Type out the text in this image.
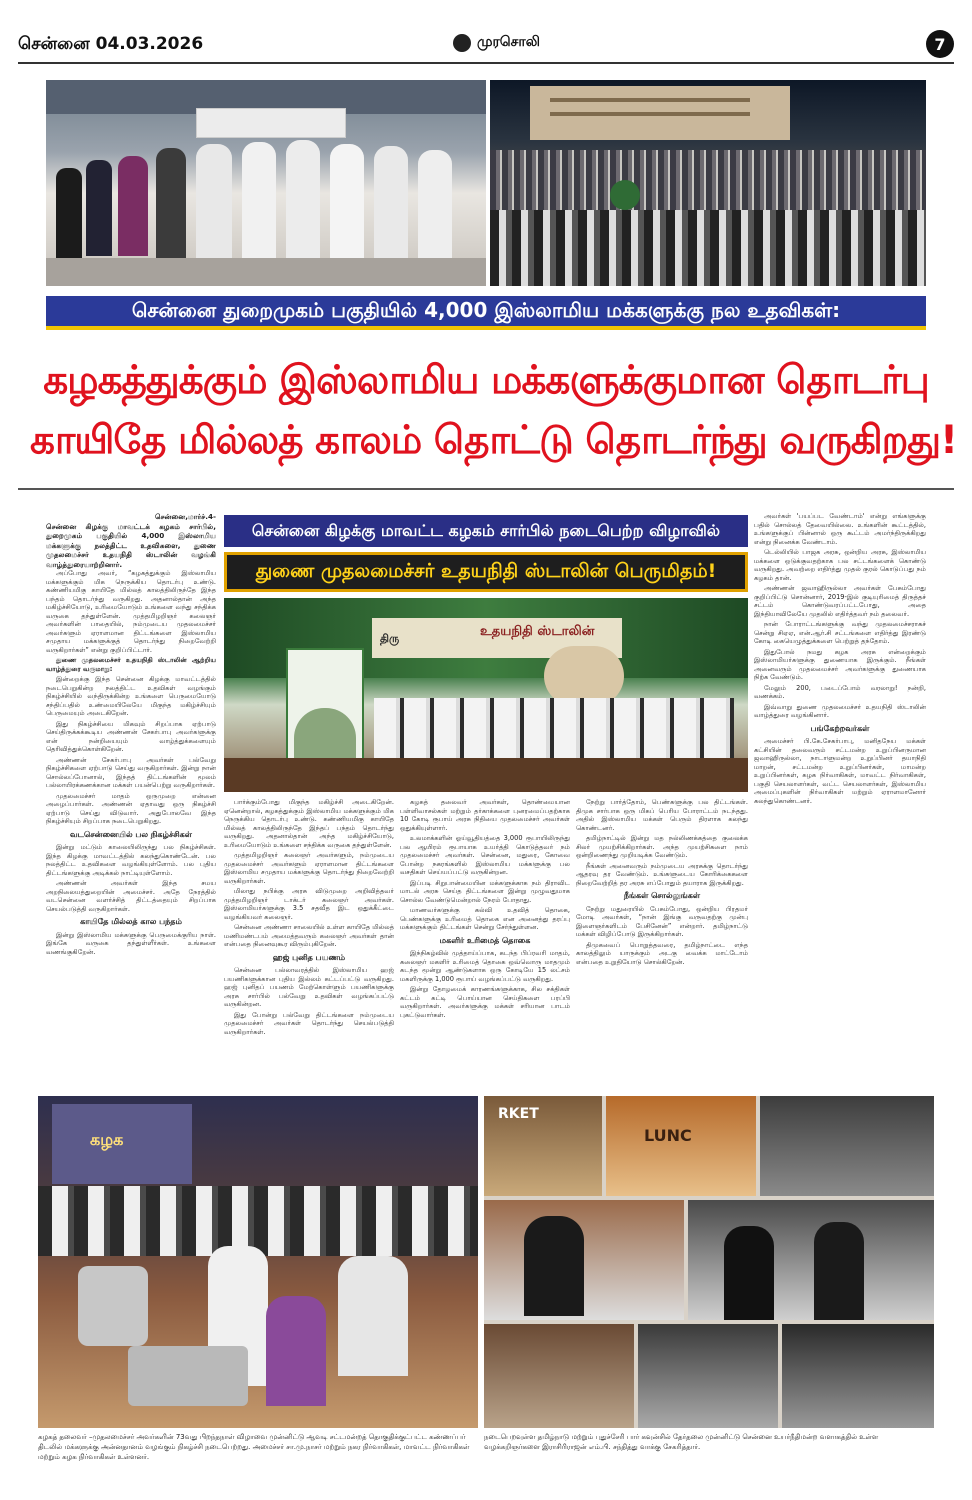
சென்னை 04.03.2026	முரசொலி	7
சென்னை துறைமுகம் பகுதியில் 4,000 இஸ்லாமிய மக்களுக்கு நல உதவிகள்:
கழகத்துக்கும் இஸ்லாமிய மக்களுக்குமான தொடர்பு
காயிதே மில்லத் காலம் தொட்டு தொடர்ந்து வருகிறது!
சென்னை,மார்ச்.4-
சென்னை கிழக்கு மாவட்டக் கழகம் சார்பில், துறைமுகம் பகுதியில் 4,000 இஸ்லாமிய மக்களுக்கு நலத்திட்ட உதவிகளை, துணை முதலமைச்சர் உதயநிதி ஸ்டாலின் வழங்கி வாழ்த்துரையாற்றினார்.

அப்போது அவர், “கழகத்துக்கும் இஸ்லாமிய மக்களுக்கும் மிக நெருக்கிய தொடர்பு உண்டு. கண்ணியமிகு காயிதே மில்லத் காலத்திலிருந்தே இந்த பந்தம் தொடர்ந்து வருகிறது. அதனால்தான் அந்த மகிழ்ச்சியோடு, உரிமையோடும் உங்களை வந்து சந்திக்க வருகை தந்துள்ளேன். முத்தமிழறிஞர் கலைஞர் அவர்களின் பாதையில், நம்முடைய முதலமைச்சர் அவர்களும் ஏராளமான திட்டங்களை இஸ்லாமிய சமுதாய மக்களுக்குத் தொடர்ந்து நிறைவேற்றி வருகிறார்கள்” என்று குறிப்பிட்டார்.

துணை முதலமைச்சர் உதயநிதி ஸ்டாலின் ஆற்றிய வாழ்த்துரை வருமாறு:

இன்றைக்கு இந்த சென்னை கிழக்கு மாவட்டத்தில் நடைபெறுகின்ற நலத்திட்ட உதவிகள் வழங்கும் நிகழ்ச்சியில் வந்திருக்கின்ற உங்களை பெருமையோடு சந்திப்பதில் உண்மையிலேயே மிகுந்த மகிழ்ச்சியும் பெருமையும் அடைகிறேன்.

இது நிகழ்ச்சியை மிகவும் சிறப்பாக ஏற்பாடு செய்திருக்கக்கூடிய அண்ணன் சேகர்பாபு அவர்களுக்கு என் நன்றியையும் வாழ்த்துக்களையும் தெரிவித்துக்கொள்கிறேன்.

அண்ணன் சேகர்பாபு அவர்கள் பல்வேறு நிகழ்ச்சிகளை ஏற்பாடு செய்து வருகிறார்கள். இன்று நான் சொல்லப்போனால், இந்தத் திட்டங்களின் மூலம் பல்லாயிரக்கணக்கான மக்கள் பயன்பெற்று வருகிறார்கள்.

முதலமைச்சர் மாதம் ஒருமுறை என்னை அழைப்பார்கள். அண்ணன் ஏதாவது ஒரு நிகழ்ச்சி ஏற்பாடு செய்து விடுவார். அதுபோலவே இந்த நிகழ்ச்சியும் சிறப்பாக நடைபெறுகிறது.

வடசென்னையில் பல நிகழ்ச்சிகள்

இன்று மட்டும் காலையிலிருந்து பல நிகழ்ச்சிகள். இந்த கிழக்கு மாவட்டத்தில் கலந்துகொண்டேன். பல நலத்திட்ட உதவிகளை வழங்கியுள்ளோம். பல புதிய திட்டங்களுக்கு அடிக்கல் நாட்டியுள்ளோம்.

அண்ணன் அவர்கள் இந்த சமய அறநிலையத்துறையின் அமைச்சர். அதே நேரத்தில் வடசென்னை வளர்ச்சித் திட்டத்தையும் சிறப்பாக செயல்படுத்தி வருகிறார்கள்.

காயிதே மில்லத் கால பந்தம்

இன்று இஸ்லாமிய மக்களுக்கு பெருமைக்குரிய நாள். இங்கே வருகை தந்துள்ளீர்கள். உங்களை வணங்குகிறேன்.

சென்னை கிழக்கு மாவட்ட கழகம் சார்பில் நடைபெற்ற விழாவில்
துணை முதலமைச்சர் உதயநிதி ஸ்டாலின் பெருமிதம்!
உதயநிதி ஸ்டாலின்
திரு

பார்க்கும்போது மிகுந்த மகிழ்ச்சி அடைகிறேன். ஏனென்றால், கழகத்துக்கும் இஸ்லாமிய மக்களுக்கும் மிக நெருக்கிய தொடர்பு உண்டு. கண்ணியமிகு காயிதே மில்லத் காலத்திலிருந்தே இந்தப் பந்தம் தொடர்ந்து வருகிறது. அதனால்தான் அந்த மகிழ்ச்சியோடு, உரிமையோடும் உங்களை சந்திக்க வருகை தந்துள்ளேன்.

முத்தமிழறிஞர் கலைஞர் அவர்களும், நம்முடைய முதலமைச்சர் அவர்களும் ஏராளமான திட்டங்களை இஸ்லாமிய சமுதாய மக்களுக்கு தொடர்ந்து நிறைவேற்றி வருகிறார்கள்.

மிலாது நபிக்கு அரசு விடுமுறை அறிவித்தவர் முத்தமிழறிஞர் டாக்டர் கலைஞர் அவர்கள். இஸ்லாமியர்களுக்கு 3.5 சதவீத இட ஒதுக்கீட்டை வழங்கியவர் கலைஞர்.

சென்னை அண்ணா சாலையில் உள்ள காயிதே மில்லத் மணிமண்டபம் அமைத்தவரும் கலைஞர் அவர்கள் தான் என்பதை நினைவுகூர விரும்புகிறேன்.

ஹஜ் புனித பயணம்

சென்னை பல்லாவரத்தில் இஸ்லாமிய ஹஜ் பயணிகளுக்கான புதிய இல்லம் கட்டப்பட்டு வருகிறது. ஹஜ் புனிதப் பயணம் மேற்கொள்ளும் பயணிகளுக்கு அரசு சார்பில் பல்வேறு உதவிகள் வழங்கப்பட்டு வருகின்றன.

இது போன்று பல்வேறு திட்டங்களை நம்முடைய முதலமைச்சர் அவர்கள் தொடர்ந்து செயல்படுத்தி வருகிறார்கள்.

கழகத் தலைவர் அவர்கள், தொண்மையான பள்ளிவாசல்கள் மற்றும் தர்காக்களை புனரமைப்பதற்காக 10 கோடி ரூபாய் அரசு நிதியை முதலமைச்சர் அவர்கள் ஒதுக்கியுள்ளார்.

உலமாக்களின் ஓய்வூதியத்தை 3,000 ரூபாயிலிருந்து பல ஆயிரம் ரூபாயாக உயர்த்தி கொடுத்தவர் நம் முதலமைச்சர் அவர்கள். சென்னை, மதுரை, கோவை போன்ற நகரங்களில் இஸ்லாமிய மக்களுக்கு பல வசதிகள் செய்யப்பட்டு வருகின்றன.

இப்படி சிறுபான்மையின மக்களுக்காக நம் திராவிட மாடல் அரசு செய்த திட்டங்களை இன்று முழுவதுமாக சொல்ல வேண்டுமென்றால் நேரம் போதாது.

மாணவர்களுக்கு கல்வி உதவித் தொகை, பெண்களுக்கு உரிமைத் தொகை என அனைத்து தரப்பு மக்களுக்கும் திட்டங்கள் சென்று சேர்ந்துள்ளன.

மகளிர் உரிமைத் தொகை

இந்நிகழ்வில் முத்தாய்ப்பாக, கடந்த பிப்ரவரி மாதம், கலைஞர் மகளிர் உரிமைத் தொகை ஒவ்வொரு மாதமும் கடந்த மூன்று ஆண்டுகளாக ஒரு கோடியே 15 லட்சம் மகளிருக்கு 1,000 ரூபாய் வழங்கப்பட்டு வருகிறது.

இன்று தோழமைக் காரணங்களுக்காக, சில சக்திகள் கட்டம் கட்டி பொய்யான செய்திகளை பரப்பி வருகிறார்கள். அவர்களுக்கு மக்கள் சரியான பாடம் புகட்டுவார்கள்.

நேற்று பார்த்தோம், பெண்களுக்கு பல திட்டங்கள். திமுக சார்பாக ஒரு மிகப் பெரிய போராட்டம் நடந்தது. அதில் இஸ்லாமிய மக்கள் பெரும் திரளாக கலந்து கொண்டனர்.

தமிழ்நாட்டில் இன்று மத நல்லிணக்கத்தை குலைக்க சிலர் முயற்சிக்கிறார்கள். அந்த முயற்சிகளை நாம் ஒன்றிணைந்து முறியடிக்க வேண்டும்.

நீங்கள் அனைவரும் நம்முடைய அரசுக்கு தொடர்ந்து ஆதரவு தர வேண்டும். உங்களுடைய கோரிக்கைகளை நிறைவேற்றித் தர அரசு எப்போதும் தயாராக இருக்கிறது.

நீங்கள் சொல்லுங்கள்

நேற்று மதுரையில் பேசும்போது, ஒன்றிய பிரதமர் மோடி அவர்கள், “நான் இங்கு வருவதற்கு முன்பு இளைஞர்களிடம் பேசினேன்” என்றார். தமிழ்நாட்டு மக்கள் விழிப்போடு இருக்கிறார்கள்.

திமுகவைப் பொறுத்தவரை, தமிழ்நாட்டை எந்த காலத்திலும் யாருக்கும் அடகு வைக்க மாட்டோம் என்பதை உறுதியோடு சொல்கிறேன்.

அவர்கள் 'பயப்பட வேண்டாம்' என்று எங்களுக்கு பதில் சொல்லத் தேவையில்லை. உங்களின் கூட்டத்தில், உங்களுக்குப் பின்னால் ஒரு கூட்டம் அமர்ந்திருக்கிறது என்று நினைக்க வேண்டாம்.

டெல்லியில் பாஜக அரசு, ஒன்றிய அரசு, இஸ்லாமிய மக்களை ஒடுக்குவதற்காக பல சட்டங்களைக் கொண்டு வருகிறது. அவற்றை எதிர்த்து முதல் குரல் கொடுப்பது நம் கழகம் தான்.

அண்ணன் ஜவாஹிருல்லா அவர்கள் பேசும்போது குறிப்பிட்டு சொன்னார், 2019-இல் குடியுரிமைத் திருத்தச் சட்டம் கொண்டுவரப்பட்டபோது, அதை இந்தியாவிலேயே முதலில் எதிர்த்தவர் நம் தலைவர்.

நான் போராட்டங்களுக்கு வந்து முதலமைச்சராகச் சென்று சிஏஏ, என்.ஆர்.சி சட்டங்களை எதிர்த்து இரண்டு கோடி கையெழுத்துக்களை பெற்றுத் தந்தோம்.

இதுபோல் நமது கழக அரசு என்றைக்கும் இஸ்லாமியர்களுக்கு துணையாக இருக்கும். நீங்கள் அனைவரும் முதலமைச்சர் அவர்களுக்கு துணையாக நிற்க வேண்டும்.

மேலும் 200, படைப்போம் வரலாறு! நன்றி, வணக்கம்.

இவ்வாறு துணை முதலமைச்சர் உதயநிதி ஸ்டாலின் வாழ்த்துரை வழங்கினார்.

பங்கேற்றவர்கள்

அமைச்சர் பி.கே.சேகர்பாபு, மனிதநேய மக்கள் கட்சியின் தலைவரும் சட்டமன்ற உறுப்பினருமான ஜவாஹிருல்லா, நாடாளுமன்ற உறுப்பினர் தயாநிதி மாறன், சட்டமன்ற உறுப்பினர்கள், மாமன்ற உறுப்பினர்கள், கழக நிர்வாகிகள், மாவட்ட நிர்வாகிகள், பகுதி செயலாளர்கள், வட்ட செயலாளர்கள், இஸ்லாமிய அமைப்புகளின் நிர்வாகிகள் மற்றும் ஏராளமானோர் கலந்துகொண்டனர்.

கழக
RKET
LUNC
கழகத் தலைவர் –முதலமைச்சர் அவர்களின் 73வது பிறந்தநாள் விழாவை முன்னிட்டு ஆவடி சட்டமன்றத் தொகுதிக்குட்பட்ட கண்ணப்பர் திடலில் மக்களுக்கு அன்னதானம் வழங்கும் நிகழ்ச்சி நடைபெற்றது. அமைச்சர் சா.மு.நாசர் மற்றும் நகர நிர்வாகிகள், மாவட்ட நிர்வாகிகள் மற்றும் கழக நிர்வாகிகள் உள்ளனர்.
நடைபெறவுள்ள தமிழ்நாடு மற்றும் புதுச்சேரி பார் கவுன்சில் தேர்தலை முன்னிட்டு சென்னை உயர்நீதிமன்ற வளாகத்தில் உள்ள வழக்கறிஞர்களை இராசிரிராஜன் எம்.பி. சந்தித்து வாக்கு சேகரித்தார்.
